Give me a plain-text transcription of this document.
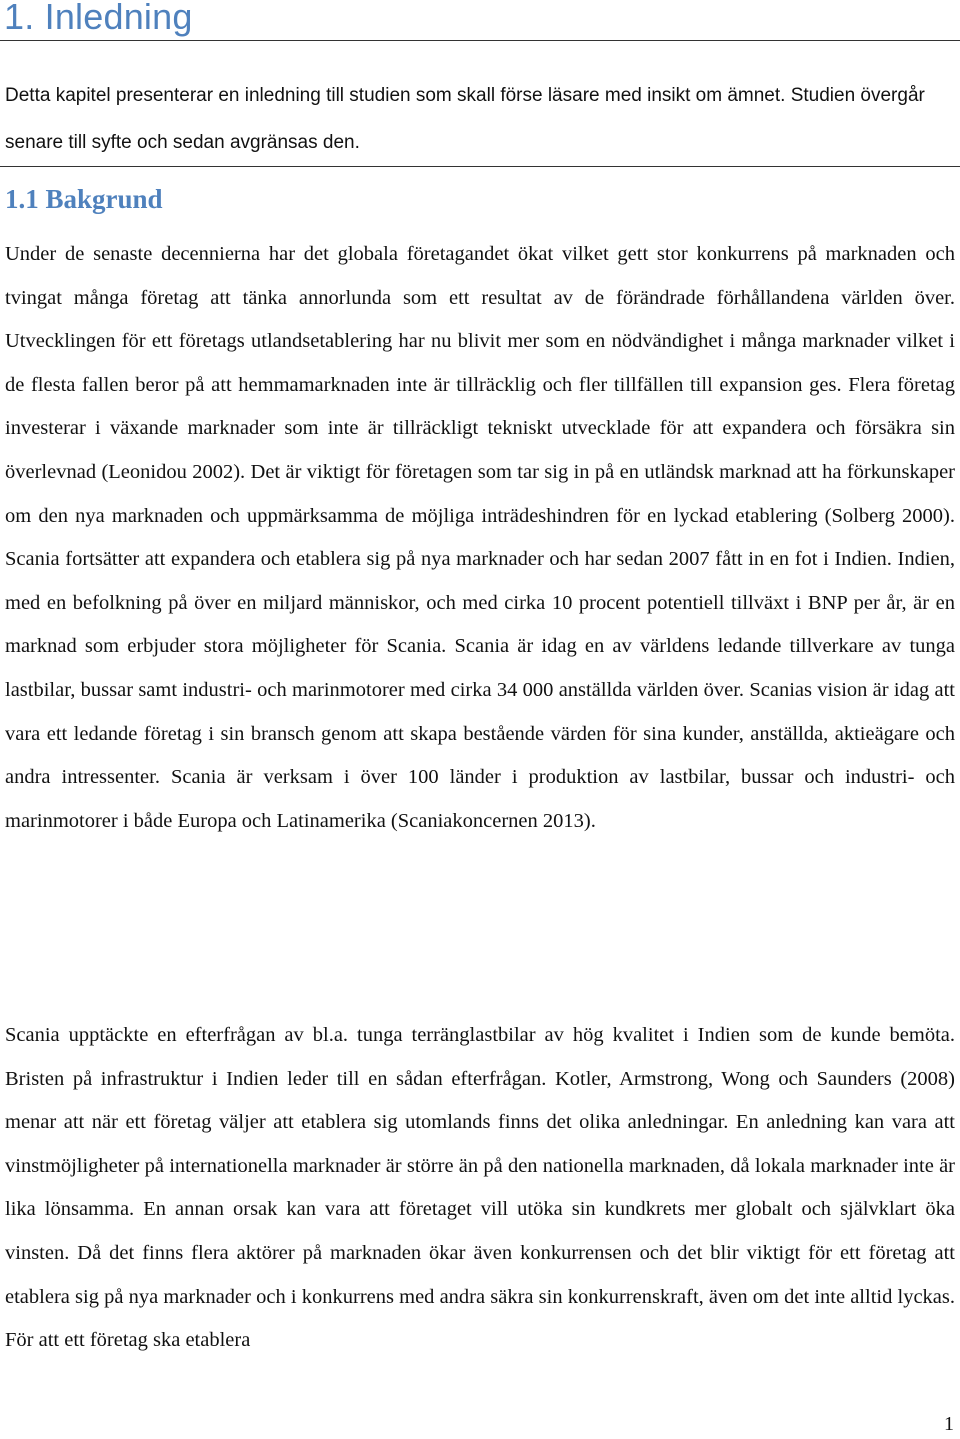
1. Inledning

Detta kapitel presenterar en inledning till studien som skall förse läsare med insikt om ämnet. Studien övergår senare till syfte och sedan avgränsas den.

1.1 Bakgrund

Under de senaste decennierna har det globala företagandet ökat vilket gett stor konkurrens på marknaden och tvingat många företag att tänka annorlunda som ett resultat av de förändrade förhållandena världen över. Utvecklingen för ett företags utlandsetablering har nu blivit mer som en nödvändighet i många marknader vilket i de flesta fallen beror på att hemmamarknaden inte är tillräcklig och fler tillfällen till expansion ges. Flera företag investerar i växande marknader som inte är tillräckligt tekniskt utvecklade för att expandera och försäkra sin överlevnad (Leonidou 2002). Det är viktigt för företagen som tar sig in på en utländsk marknad att ha förkunskaper om den nya marknaden och uppmärksamma de möjliga inträdeshindren för en lyckad etablering (Solberg 2000). Scania fortsätter att expandera och etablera sig på nya marknader och har sedan 2007 fått in en fot i Indien. Indien, med en befolkning på över en miljard människor, och med cirka 10 procent potentiell tillväxt i BNP per år, är en marknad som erbjuder stora möjligheter för Scania. Scania är idag en av världens ledande tillverkare av tunga lastbilar, bussar samt industri- och marinmotorer med cirka 34 000 anställda världen över. Scanias vision är idag att vara ett ledande företag i sin bransch genom att skapa bestående värden för sina kunder, anställda, aktieägare och andra intressenter. Scania är verksam i över 100 länder i produktion av lastbilar, bussar och industri- och marinmotorer i både Europa och Latinamerika (Scaniakoncernen 2013).

Scania upptäckte en efterfrågan av bl.a. tunga terränglastbilar av hög kvalitet i Indien som de kunde bemöta. Bristen på infrastruktur i Indien leder till en sådan efterfrågan. Kotler, Armstrong, Wong och Saunders (2008) menar att när ett företag väljer att etablera sig utomlands finns det olika anledningar. En anledning kan vara att vinstmöjligheter på internationella marknader är större än på den nationella marknaden, då lokala marknader inte är lika lönsamma. En annan orsak kan vara att företaget vill utöka sin kundkrets mer globalt och självklart öka vinsten. Då det finns flera aktörer på marknaden ökar även konkurrensen och det blir viktigt för ett företag att etablera sig på nya marknader och i konkurrens med andra säkra sin konkurrenskraft, även om det inte alltid lyckas. För att ett företag ska etablera

1
